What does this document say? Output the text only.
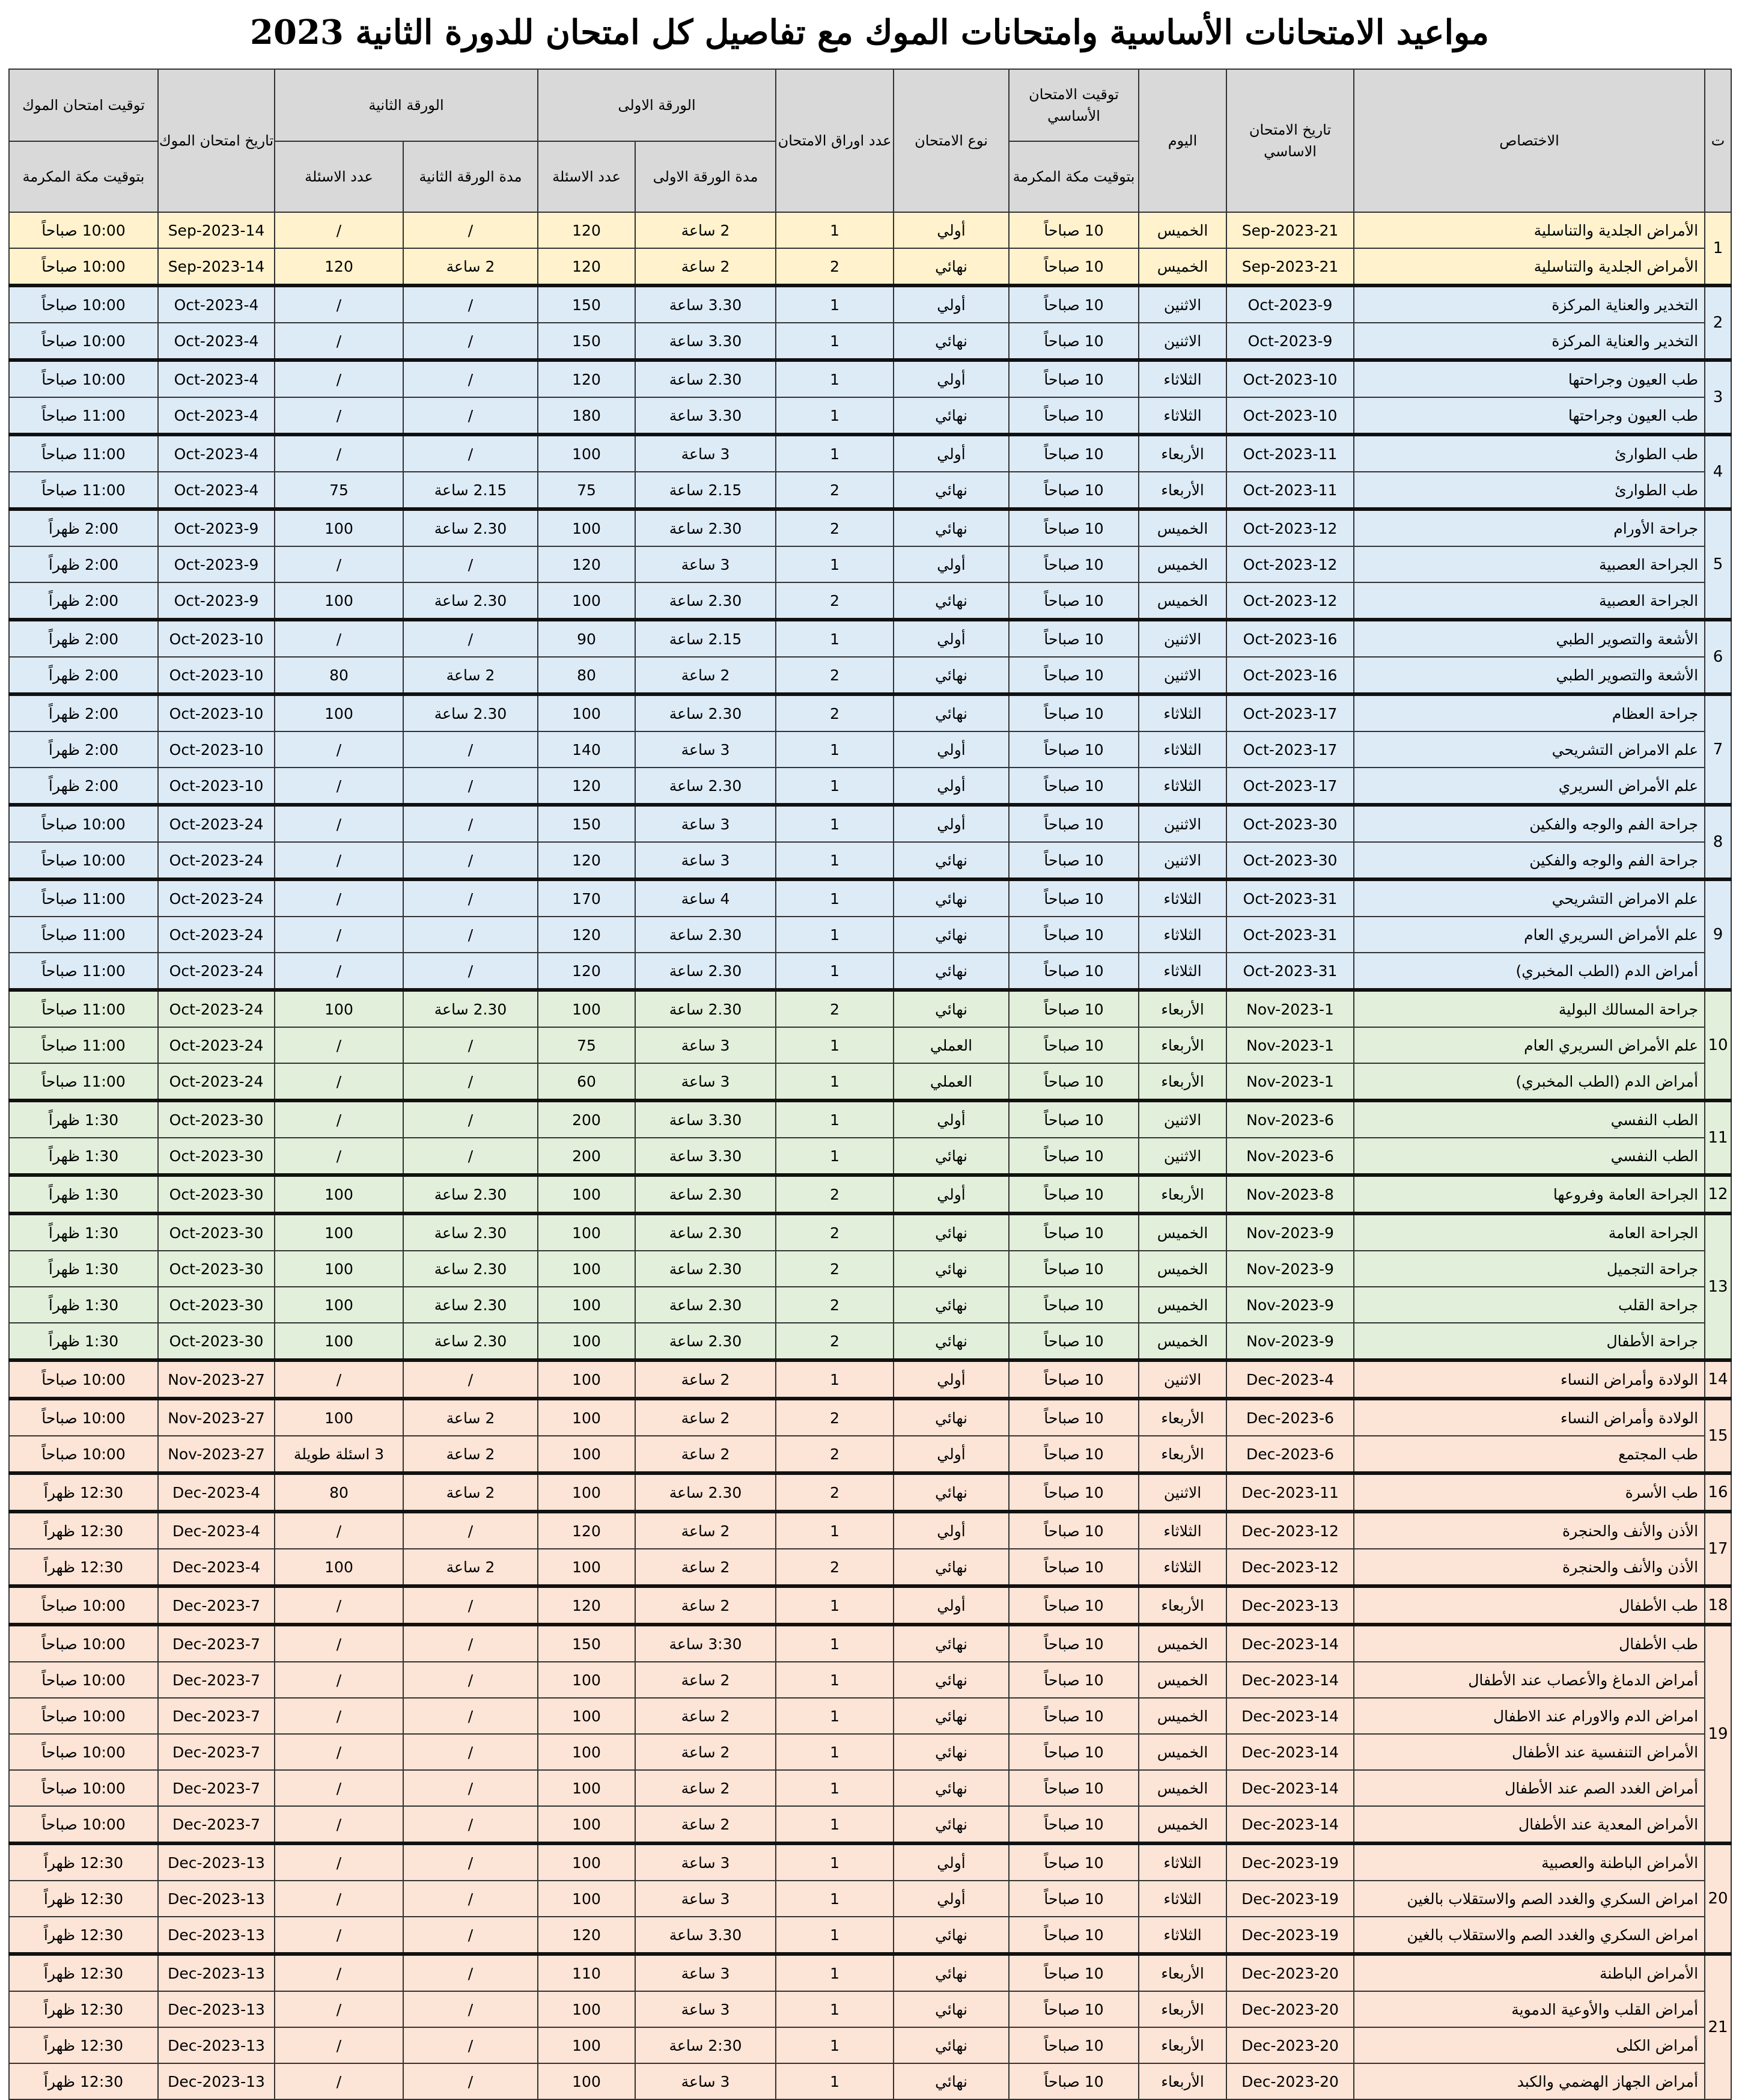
مواعيد الامتحانات الأساسية وامتحانات الموك مع تفاصيل كل امتحان للدورة الثانية 2023
ت	الاختصاص	تاريخ الامتحان الاساسي	اليوم	توقيت الامتحان الأساسي	نوع الامتحان	عدد اوراق الامتحان	الورقة الاولى		الورقة الثانية		تاريخ امتحان الموك	توقيت امتحان الموك
				بتوقيت مكة المكرمة			مدة الورقة الاولى	عدد الاسئلة	مدة الورقة الثانية	عدد الاسئلة		بتوقيت مكة المكرمة
1	الأمراض الجلدية والتناسلية	21-Sep-2023	الخميس	10 صباحاً	أولي	1	2 ساعة	120	/	/	14-Sep-2023	10:00 صباحاً
	الأمراض الجلدية والتناسلية	21-Sep-2023	الخميس	10 صباحاً	نهائي	2	2 ساعة	120	2 ساعة	120	14-Sep-2023	10:00 صباحاً
2	التخدير والعناية المركزة	9-Oct-2023	الاثنين	10 صباحاً	أولي	1	3.30 ساعة	150	/	/	4-Oct-2023	10:00 صباحاً
	التخدير والعناية المركزة	9-Oct-2023	الاثنين	10 صباحاً	نهائي	1	3.30 ساعة	150	/	/	4-Oct-2023	10:00 صباحاً
3	طب العيون وجراحتها	10-Oct-2023	الثلاثاء	10 صباحاً	أولي	1	2.30 ساعة	120	/	/	4-Oct-2023	10:00 صباحاً
	طب العيون وجراحتها	10-Oct-2023	الثلاثاء	10 صباحاً	نهائي	1	3.30 ساعة	180	/	/	4-Oct-2023	11:00 صباحاً
4	طب الطوارئ	11-Oct-2023	الأربعاء	10 صباحاً	أولي	1	3 ساعة	100	/	/	4-Oct-2023	11:00 صباحاً
	طب الطوارئ	11-Oct-2023	الأربعاء	10 صباحاً	نهائي	2	2.15 ساعة	75	2.15 ساعة	75	4-Oct-2023	11:00 صباحاً
5	جراحة الأورام	12-Oct-2023	الخميس	10 صباحاً	نهائي	2	2.30 ساعة	100	2.30 ساعة	100	9-Oct-2023	2:00 ظهراً
	الجراحة العصبية	12-Oct-2023	الخميس	10 صباحاً	أولي	1	3 ساعة	120	/	/	9-Oct-2023	2:00 ظهراً
	الجراحة العصبية	12-Oct-2023	الخميس	10 صباحاً	نهائي	2	2.30 ساعة	100	2.30 ساعة	100	9-Oct-2023	2:00 ظهراً
6	الأشعة والتصوير الطبي	16-Oct-2023	الاثنين	10 صباحاً	أولي	1	2.15 ساعة	90	/	/	10-Oct-2023	2:00 ظهراً
	الأشعة والتصوير الطبي	16-Oct-2023	الاثنين	10 صباحاً	نهائي	2	2 ساعة	80	2 ساعة	80	10-Oct-2023	2:00 ظهراً
7	جراحة العظام	17-Oct-2023	الثلاثاء	10 صباحاً	نهائي	2	2.30 ساعة	100	2.30 ساعة	100	10-Oct-2023	2:00 ظهراً
	علم الامراض التشريحي	17-Oct-2023	الثلاثاء	10 صباحاً	أولي	1	3 ساعة	140	/	/	10-Oct-2023	2:00 ظهراً
	علم الأمراض السريري	17-Oct-2023	الثلاثاء	10 صباحاً	أولي	1	2.30 ساعة	120	/	/	10-Oct-2023	2:00 ظهراً
8	جراحة الفم والوجه والفكين	30-Oct-2023	الاثنين	10 صباحاً	أولي	1	3 ساعة	150	/	/	24-Oct-2023	10:00 صباحاً
	جراحة الفم والوجه والفكين	30-Oct-2023	الاثنين	10 صباحاً	نهائي	1	3 ساعة	120	/	/	24-Oct-2023	10:00 صباحاً
9	علم الامراض التشريحي	31-Oct-2023	الثلاثاء	10 صباحاً	نهائي	1	4 ساعة	170	/	/	24-Oct-2023	11:00 صباحاً
	علم الأمراض السريري العام	31-Oct-2023	الثلاثاء	10 صباحاً	نهائي	1	2.30 ساعة	120	/	/	24-Oct-2023	11:00 صباحاً
	أمراض الدم (الطب المخبري)	31-Oct-2023	الثلاثاء	10 صباحاً	نهائي	1	2.30 ساعة	120	/	/	24-Oct-2023	11:00 صباحاً
10	جراحة المسالك البولية	1-Nov-2023	الأربعاء	10 صباحاً	نهائي	2	2.30 ساعة	100	2.30 ساعة	100	24-Oct-2023	11:00 صباحاً
	علم الأمراض السريري العام	1-Nov-2023	الأربعاء	10 صباحاً	العملي	1	3 ساعة	75	/	/	24-Oct-2023	11:00 صباحاً
	أمراض الدم (الطب المخبري)	1-Nov-2023	الأربعاء	10 صباحاً	العملي	1	3 ساعة	60	/	/	24-Oct-2023	11:00 صباحاً
11	الطب النفسي	6-Nov-2023	الاثنين	10 صباحاً	أولي	1	3.30 ساعة	200	/	/	30-Oct-2023	1:30 ظهراً
	الطب النفسي	6-Nov-2023	الاثنين	10 صباحاً	نهائي	1	3.30 ساعة	200	/	/	30-Oct-2023	1:30 ظهراً
12	الجراحة العامة وفروعها	8-Nov-2023	الأربعاء	10 صباحاً	أولي	2	2.30 ساعة	100	2.30 ساعة	100	30-Oct-2023	1:30 ظهراً
13	الجراحة العامة	9-Nov-2023	الخميس	10 صباحاً	نهائي	2	2.30 ساعة	100	2.30 ساعة	100	30-Oct-2023	1:30 ظهراً
	جراحة التجميل	9-Nov-2023	الخميس	10 صباحاً	نهائي	2	2.30 ساعة	100	2.30 ساعة	100	30-Oct-2023	1:30 ظهراً
	جراحة القلب	9-Nov-2023	الخميس	10 صباحاً	نهائي	2	2.30 ساعة	100	2.30 ساعة	100	30-Oct-2023	1:30 ظهراً
	جراحة الأطفال	9-Nov-2023	الخميس	10 صباحاً	نهائي	2	2.30 ساعة	100	2.30 ساعة	100	30-Oct-2023	1:30 ظهراً
14	الولادة وأمراض النساء	4-Dec-2023	الاثنين	10 صباحاً	أولي	1	2 ساعة	100	/	/	27-Nov-2023	10:00 صباحاً
15	الولادة وأمراض النساء	6-Dec-2023	الأربعاء	10 صباحاً	نهائي	2	2 ساعة	100	2 ساعة	100	27-Nov-2023	10:00 صباحاً
	طب المجتمع	6-Dec-2023	الأربعاء	10 صباحاً	أولي	2	2 ساعة	100	2 ساعة	3 اسئلة طويلة	27-Nov-2023	10:00 صباحاً
16	طب الأسرة	11-Dec-2023	الاثنين	10 صباحاً	نهائي	2	2.30 ساعة	100	2 ساعة	80	4-Dec-2023	12:30 ظهراً
17	الأذن والأنف والحنجرة	12-Dec-2023	الثلاثاء	10 صباحاً	أولي	1	2 ساعة	120	/	/	4-Dec-2023	12:30 ظهراً
	الأذن والأنف والحنجرة	12-Dec-2023	الثلاثاء	10 صباحاً	نهائي	2	2 ساعة	100	2 ساعة	100	4-Dec-2023	12:30 ظهراً
18	طب الأطفال	13-Dec-2023	الأربعاء	10 صباحاً	أولي	1	2 ساعة	120	/	/	7-Dec-2023	10:00 صباحاً
19	طب الأطفال	14-Dec-2023	الخميس	10 صباحاً	نهائي	1	3:30 ساعة	150	/	/	7-Dec-2023	10:00 صباحاً
	أمراض الدماغ والأعصاب عند الأطفال	14-Dec-2023	الخميس	10 صباحاً	نهائي	1	2 ساعة	100	/	/	7-Dec-2023	10:00 صباحاً
	امراض الدم والاورام عند الاطفال	14-Dec-2023	الخميس	10 صباحاً	نهائي	1	2 ساعة	100	/	/	7-Dec-2023	10:00 صباحاً
	الأمراض التنفسية عند الأطفال	14-Dec-2023	الخميس	10 صباحاً	نهائي	1	2 ساعة	100	/	/	7-Dec-2023	10:00 صباحاً
	أمراض الغدد الصم عند الأطفال	14-Dec-2023	الخميس	10 صباحاً	نهائي	1	2 ساعة	100	/	/	7-Dec-2023	10:00 صباحاً
	الأمراض المعدية عند الأطفال	14-Dec-2023	الخميس	10 صباحاً	نهائي	1	2 ساعة	100	/	/	7-Dec-2023	10:00 صباحاً
20	الأمراض الباطنة والعصبية	19-Dec-2023	الثلاثاء	10 صباحاً	أولي	1	3 ساعة	100	/	/	13-Dec-2023	12:30 ظهراً
	امراض السكري والغدد الصم والاستقلاب بالغين	19-Dec-2023	الثلاثاء	10 صباحاً	أولي	1	3 ساعة	100	/	/	13-Dec-2023	12:30 ظهراً
	امراض السكري والغدد الصم والاستقلاب بالغين	19-Dec-2023	الثلاثاء	10 صباحاً	نهائي	1	3.30 ساعة	120	/	/	13-Dec-2023	12:30 ظهراً
21	الأمراض الباطنة	20-Dec-2023	الأربعاء	10 صباحاً	نهائي	1	3 ساعة	110	/	/	13-Dec-2023	12:30 ظهراً
	أمراض القلب والأوعية الدموية	20-Dec-2023	الأربعاء	10 صباحاً	نهائي	1	3 ساعة	100	/	/	13-Dec-2023	12:30 ظهراً
	أمراض الكلى	20-Dec-2023	الأربعاء	10 صباحاً	نهائي	1	2:30 ساعة	100	/	/	13-Dec-2023	12:30 ظهراً
	أمراض الجهاز الهضمي والكبد	20-Dec-2023	الأربعاء	10 صباحاً	نهائي	1	3 ساعة	100	/	/	13-Dec-2023	12:30 ظهراً
